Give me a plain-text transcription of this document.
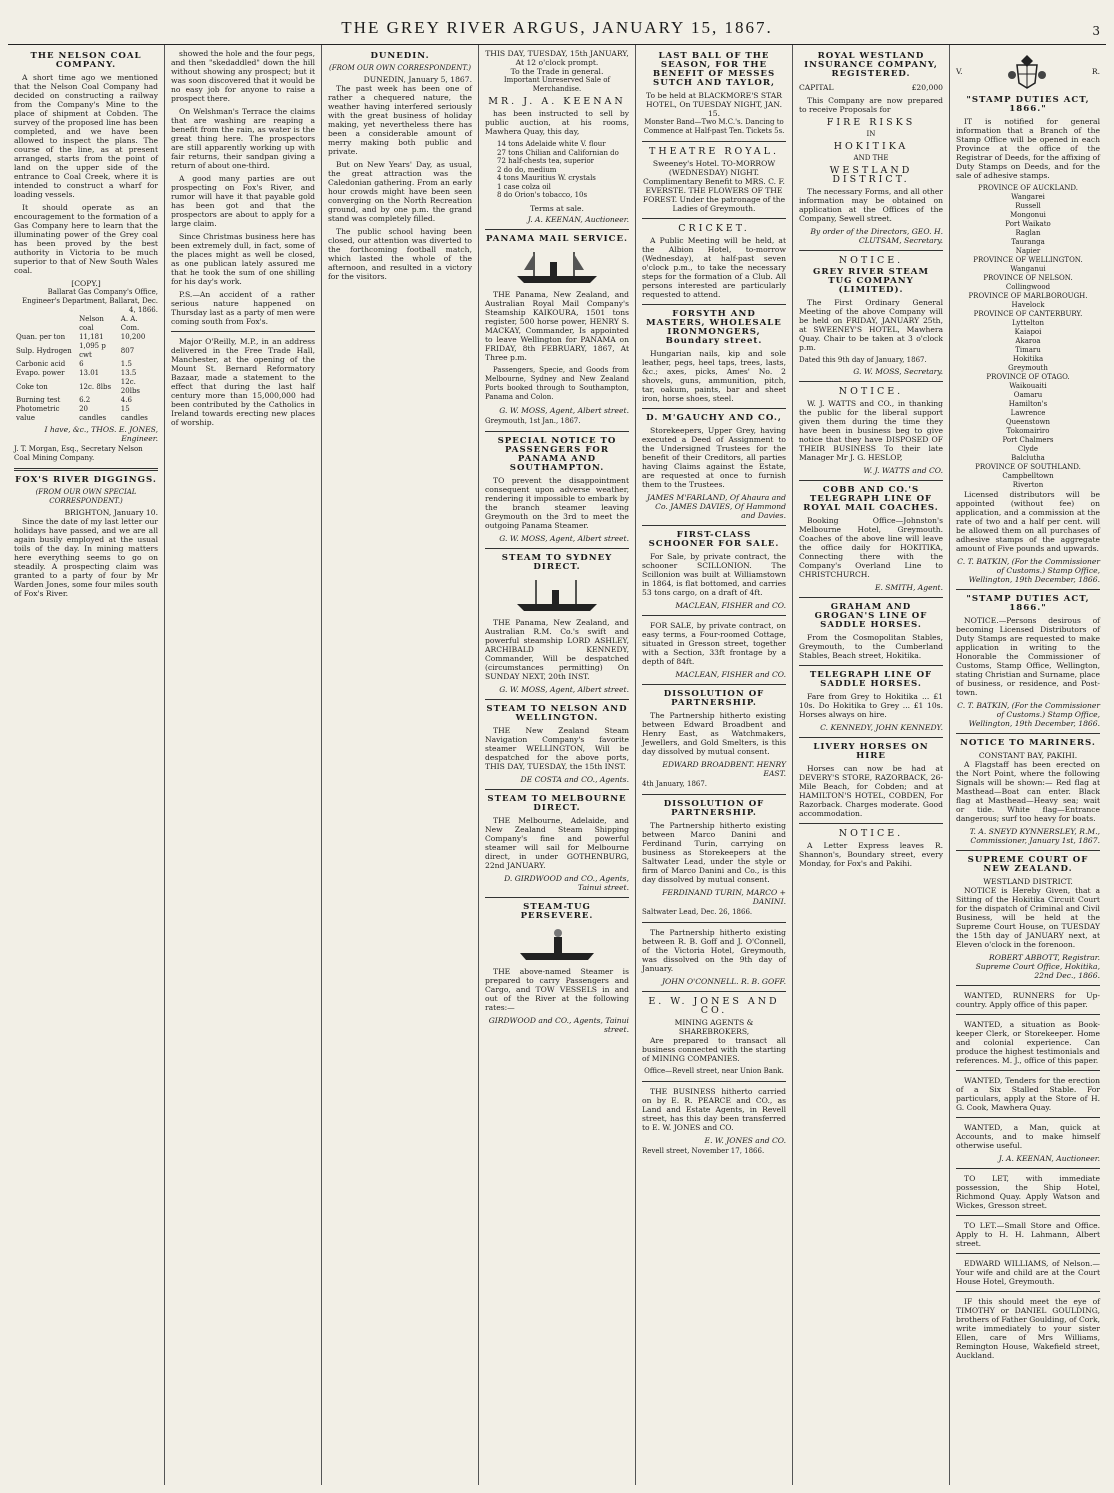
THE GREY RIVER ARGUS, JANUARY 15, 1867.	3
THE NELSON COAL COMPANY.

A short time ago we mentioned that the Nelson Coal Company had decided on constructing a railway from the Company's Mine to the place of shipment at Cobden. The survey of the proposed line has been completed, and we have been allowed to inspect the plans. The course of the line, as at present arranged, starts from the point of land on the upper side of the entrance to Coal Creek, where it is intended to construct a wharf for loading vessels.

It should operate as an encouragement to the formation of a Gas Company here to learn that the illuminating power of the Grey coal has been proved by the best authority in Victoria to be much superior to that of New South Wales coal.

[COPY.]
Ballarat Gas Company's Office, Engineer's Department, Ballarat, Dec. 4, 1866.
	Nelson coal	A. A. Com.
Quan. per ton	11,181	10,200
Sulp. Hydrogen	1,095 p cwt	807
Carbonic acid	6	1.5
Evapo. power	13.01	13.5
Coke ton	12c. 8lbs	12c. 20lbs
Burning test	6.2	4.6
Photometric value	20 candles	15 candles
I have, &c., THOS. E. JONES, Engineer.
J. T. Morgan, Esq., Secretary Nelson Coal Mining Company.
FOX'S RIVER DIGGINGS.
(FROM OUR OWN SPECIAL CORRESPONDENT.)
BRIGHTON, January 10.

Since the date of my last letter our holidays have passed, and we are all again busily employed at the usual toils of the day. In mining matters here everything seems to go on steadily. A prospecting claim was granted to a party of four by Mr Warden Jones, some four miles south of Fox's River.

showed the hole and the four pegs, and then "skedaddled" down the hill without showing any prospect; but it was soon discovered that it would be no easy job for anyone to raise a prospect there.

On Welshman's Terrace the claims that are washing are reaping a benefit from the rain, as water is the great thing here. The prospectors are still apparently working up with fair returns, their sandpan giving a return of about one-third.

A good many parties are out prospecting on Fox's River, and rumor will have it that payable gold has been got and that the prospectors are about to apply for a large claim.

Since Christmas business here has been extremely dull, in fact, some of the places might as well be closed, as one publican lately assured me that he took the sum of one shilling for his day's work.

P.S.—An accident of a rather serious nature happened on Thursday last as a party of men were coming south from Fox's.

Major O'Reilly, M.P., in an address delivered in the Free Trade Hall, Manchester, at the opening of the Mount St. Bernard Reformatory Bazaar, made a statement to the effect that during the last half century more than 15,000,000 had been contributed by the Catholics in Ireland towards erecting new places of worship.

DUNEDIN.
(FROM OUR OWN CORRESPONDENT.)
DUNEDIN, January 5, 1867.

The past week has been one of rather a chequered nature, the weather having interfered seriously with the great business of holiday making, yet nevertheless there has been a considerable amount of merry making both public and private.

But on New Years' Day, as usual, the great attraction was the Caledonian gathering. From an early hour crowds might have been seen converging on the North Recreation ground, and by one p.m. the grand stand was completely filled.

The public school having been closed, our attention was diverted to the forthcoming football match, which lasted the whole of the afternoon, and resulted in a victory for the visitors.

THIS DAY, TUESDAY, 15th JANUARY, At 12 o'clock prompt.
To the Trade in general.
Important Unreserved Sale of Merchandise.
MR. J. A. KEENAN

has been instructed to sell by public auction, at his rooms, Mawhera Quay, this day,

14 tons Adelaide white V. flour
27 tons Chilian and Californian do
72 half-chests tea, superior
2 do do, medium
4 tons Mauritius W. crystals
1 case colza oil
8 do Orion's tobacco, 10s
Terms at sale.
J. A. KEENAN, Auctioneer.
PANAMA MAIL SERVICE.

THE Panama, New Zealand, and Australian Royal Mail Company's Steamship KAIKOURA, 1501 tons register, 500 horse power, HENRY S. MACKAY, Commander, Is appointed to leave Wellington for PANAMA on FRIDAY, 8th FEBRUARY, 1867, At Three p.m.

Passengers, Specie, and Goods from Melbourne, Sydney and New Zealand Ports booked through to Southampton, Panama and Colon.

G. W. MOSS, Agent, Albert street.
Greymouth, 1st Jan., 1867.
SPECIAL NOTICE TO PASSENGERS FOR PANAMA AND SOUTHAMPTON.

TO prevent the disappointment consequent upon adverse weather, rendering it impossible to embark by the branch steamer leaving Greymouth on the 3rd to meet the outgoing Panama Steamer.

G. W. MOSS, Agent, Albert street.
STEAM TO SYDNEY DIRECT.

THE Panama, New Zealand, and Australian R.M. Co.'s swift and powerful steamship LORD ASHLEY, ARCHIBALD KENNEDY, Commander, Will be despatched (circumstances permitting) On SUNDAY NEXT, 20th INST.

G. W. MOSS, Agent, Albert street.
STEAM TO NELSON AND WELLINGTON.

THE New Zealand Steam Navigation Company's favorite steamer WELLINGTON, Will be despatched for the above ports, THIS DAY, TUESDAY, the 15th INST.

DE COSTA and CO., Agents.
STEAM TO MELBOURNE DIRECT.

THE Melbourne, Adelaide, and New Zealand Steam Shipping Company's fine and powerful steamer will sail for Melbourne direct, in under GOTHENBURG, 22nd JANUARY.

D. GIRDWOOD and CO., Agents, Tainui street.
STEAM-TUG PERSEVERE.

THE above-named Steamer is prepared to carry Passengers and Cargo, and TOW VESSELS in and out of the River at the following rates:—

GIRDWOOD and CO., Agents, Tainui street.
LAST BALL OF THE SEASON, FOR THE BENEFIT OF MESSES SUTCH AND TAYLOR,
To be held at BLACKMORE'S STAR HOTEL, On TUESDAY NIGHT, JAN. 15.
Monster Band—Two M.C.'s. Dancing to Commence at Half-past Ten. Tickets 5s.
THEATRE ROYAL.
Sweeney's Hotel. TO-MORROW (WEDNESDAY) NIGHT. Complimentary Benefit to MRS. C. F. EVERSTE. THE FLOWERS OF THE FOREST. Under the patronage of the Ladies of Greymouth.
CRICKET.

A Public Meeting will be held, at the Albion Hotel, to-morrow (Wednesday), at half-past seven o'clock p.m., to take the necessary steps for the formation of a Club. All persons interested are particularly requested to attend.

FORSYTH AND MASTERS, WHOLESALE IRONMONGERS, Boundary street.

Hungarian nails, kip and sole leather, pegs, heel taps, trees, lasts, &c.; axes, picks, Ames' No. 2 shovels, guns, ammunition, pitch, tar, oakum, paints, bar and sheet iron, horse shoes, steel.

D. M'GAUCHY AND CO.,

Storekeepers, Upper Grey, having executed a Deed of Assignment to the Undersigned Trustees for the benefit of their Creditors, all parties having Claims against the Estate, are requested at once to furnish them to the Trustees.

JAMES M'FARLAND, Of Ahaura and Co. JAMES DAVIES, Of Hammond and Davies.
FIRST-CLASS SCHOONER FOR SALE.

For Sale, by private contract, the schooner SCILLONION. The Scillonion was built at Williamstown in 1864, is flat bottomed, and carries 53 tons cargo, on a draft of 4ft.

MACLEAN, FISHER and CO.

FOR SALE, by private contract, on easy terms, a Four-roomed Cottage, situated in Gresson street, together with a Section, 33ft frontage by a depth of 84ft.

MACLEAN, FISHER and CO.
DISSOLUTION OF PARTNERSHIP.

The Partnership hitherto existing between Edward Broadbent and Henry East, as Watchmakers, Jewellers, and Gold Smelters, is this day dissolved by mutual consent.

EDWARD BROADBENT. HENRY EAST.
4th January, 1867.
DISSOLUTION OF PARTNERSHIP.

The Partnership hitherto existing between Marco Danini and Ferdinand Turin, carrying on business as Storekeepers at the Saltwater Lead, under the style or firm of Marco Danini and Co., is this day dissolved by mutual consent.

FERDINAND TURIN, MARCO + DANINI.
Saltwater Lead, Dec. 26, 1866.

The Partnership hitherto existing between R. B. Goff and J. O'Connell, of the Victoria Hotel, Greymouth, was dissolved on the 9th day of January.

JOHN O'CONNELL. R. B. GOFF.
E. W. JONES AND CO.
MINING AGENTS & SHAREBROKERS,

Are prepared to transact all business connected with the starting of MINING COMPANIES.

Office—Revell street, near Union Bank.

THE BUSINESS hitherto carried on by E. R. PEARCE and CO., as Land and Estate Agents, in Revell street, has this day been transferred to E. W. JONES and CO.

E. W. JONES and CO.
Revell street, November 17, 1866.
ROYAL WESTLAND INSURANCE COMPANY, REGISTERED.
CAPITAL	£20,000

This Company are now prepared to receive Proposals for

FIRE RISKS
IN
HOKITIKA
AND THE
WESTLAND DISTRICT.

The necessary Forms, and all other information may be obtained on application at the Offices of the Company, Sewell street.

By order of the Directors, GEO. H. CLUTSAM, Secretary.
NOTICE.
GREY RIVER STEAM TUG COMPANY (LIMITED).

The First Ordinary General Meeting of the above Company will be held on FRIDAY, JANUARY 25th, at SWEENEY'S HOTEL, Mawhera Quay. Chair to be taken at 3 o'clock p.m.

Dated this 9th day of January, 1867.
G. W. MOSS, Secretary.
NOTICE.

W. J. WATTS and CO., in thanking the public for the liberal support given them during the time they have been in business beg to give notice that they have DISPOSED OF THEIR BUSINESS To their late Manager Mr J. G. HESLOP,

W. J. WATTS and CO.
COBB AND CO.'S TELEGRAPH LINE OF ROYAL MAIL COACHES.

Booking Office—Johnston's Melbourne Hotel, Greymouth. Coaches of the above line will leave the office daily for HOKITIKA, Connecting there with the Company's Overland Line to CHRISTCHURCH.

E. SMITH, Agent.
GRAHAM AND GROGAN'S LINE OF SADDLE HORSES.

From the Cosmopolitan Stables, Greymouth, to the Cumberland Stables, Beach street, Hokitika.

TELEGRAPH LINE OF SADDLE HORSES.

Fare from Grey to Hokitika ... £1 10s. Do Hokitika to Grey ... £1 10s. Horses always on hire.

C. KENNEDY, JOHN KENNEDY.
LIVERY HORSES ON HIRE

Horses can now be had at DEVERY'S STORE, RAZORBACK, 26-Mile Beach, for Cobden; and at HAMILTON'S HOTEL, COBDEN, For Razorback. Charges moderate. Good accommodation.

NOTICE.

A Letter Express leaves R. Shannon's, Boundary street, every Monday, for Fox's and Pakihi.

V.	R.
"STAMP DUTIES ACT, 1866."

IT is notified for general information that a Branch of the Stamp Office will be opened in each Province at the office of the Registrar of Deeds, for the affixing of Duty Stamps on Deeds, and for the sale of adhesive stamps.

PROVINCE OF AUCKLAND.
Wangarei
Russell
Mongonui
Port Waikato
Raglan
Tauranga
Napier
PROVINCE OF WELLINGTON.
Wanganui
PROVINCE OF NELSON.
Collingwood
PROVINCE OF MARLBOROUGH.
Havelock
PROVINCE OF CANTERBURY.
Lyttelton
Kaiapoi
Akaroa
Timaru
Hokitika
Greymouth
PROVINCE OF OTAGO.
Waikouaiti
Oamaru
Hamilton's
Lawrence
Queenstown
Tokomairiro
Port Chalmers
Clyde
Balclutha
PROVINCE OF SOUTHLAND.
Campbelltown
Riverton

Licensed distributors will be appointed (without fee) on application, and a commission at the rate of two and a half per cent. will be allowed them on all purchases of adhesive stamps of the aggregate amount of Five pounds and upwards.

C. T. BATKIN, (For the Commissioner of Customs.) Stamp Office, Wellington, 19th December, 1866.
"STAMP DUTIES ACT, 1866."

NOTICE.—Persons desirous of becoming Licensed Distributors of Duty Stamps are requested to make application in writing to the Honorable the Commissioner of Customs, Stamp Office, Wellington, stating Christian and Surname, place of business, or residence, and Post-town.

C. T. BATKIN, (For the Commissioner of Customs.) Stamp Office, Wellington, 19th December, 1866.
NOTICE TO MARINERS.
CONSTANT BAY, PAKIHI.

A Flagstaff has been erected on the Nort Point, where the following Signals will be shown:— Red flag at Masthead—Boat can enter. Black flag at Masthead—Heavy sea; wait or tide. White flag—Entrance dangerous; surf too heavy for boats.

T. A. SNEYD KYNNERSLEY, R.M., Commissioner, January 1st, 1867.
SUPREME COURT OF NEW ZEALAND.
WESTLAND DISTRICT.

NOTICE is Hereby Given, that a Sitting of the Hokitika Circuit Court for the dispatch of Criminal and Civil Business, will be held at the Supreme Court House, on TUESDAY the 15th day of JANUARY next, at Eleven o'clock in the forenoon.

ROBERT ABBOTT, Registrar. Supreme Court Office, Hokitika, 22nd Dec., 1866.

WANTED, RUNNERS for Up-country. Apply office of this paper.

WANTED, a situation as Book-keeper Clerk, or Storekeeper. Home and colonial experience. Can produce the highest testimonials and references. M. J., office of this paper.

WANTED, Tenders for the erection of a Six Stalled Stable. For particulars, apply at the Store of H. G. Cook, Mawhera Quay.

WANTED, a Man, quick at Accounts, and to make himself otherwise useful.

J. A. KEENAN, Auctioneer.

TO LET, with immediate possession, the Ship Hotel, Richmond Quay. Apply Watson and Wickes, Gresson street.

TO LET.—Small Store and Office. Apply to H. H. Lahmann, Albert street.

EDWARD WILLIAMS, of Nelson.—Your wife and child are at the Court House Hotel, Greymouth.

IF this should meet the eye of TIMOTHY or DANIEL GOULDING, brothers of Father Goulding, of Cork, write immediately to your sister Ellen, care of Mrs Williams, Remington House, Wakefield street, Auckland.
